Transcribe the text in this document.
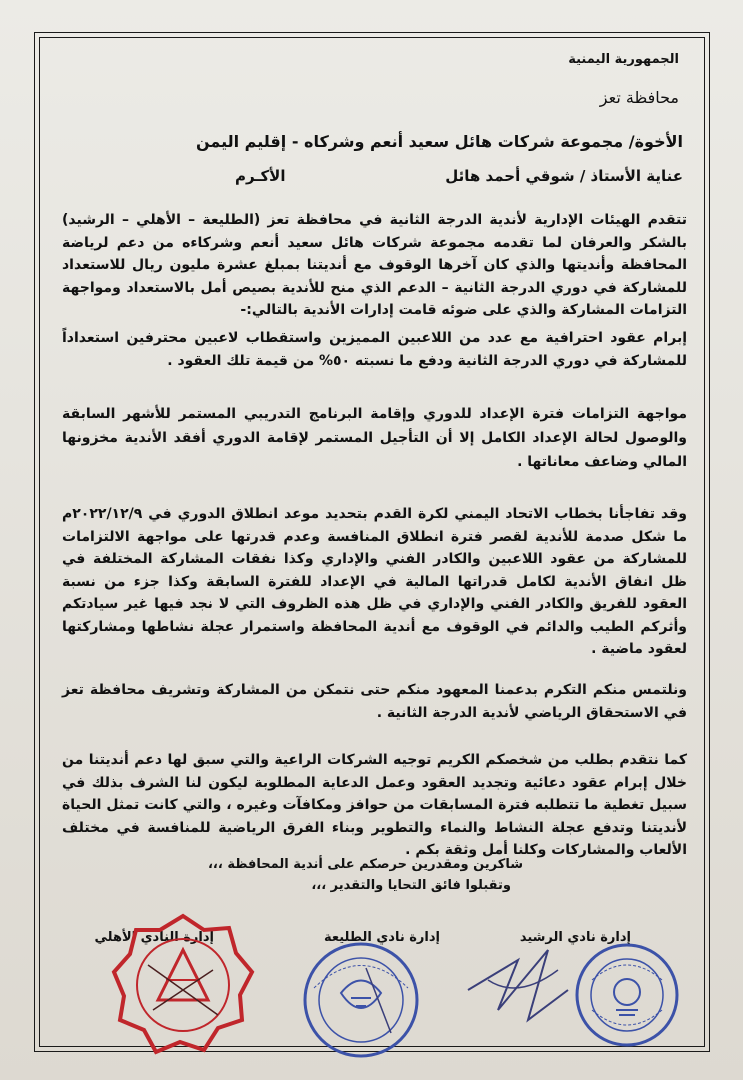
الجمهورية اليمنية
محافظة تعز
الأخوة/ مجموعة شركات هائل سعيد أنعم وشركاه - إقليم اليمن
عناية الأستاذ / شوقي أحمد هائل
الأكـرم
تتقدم الهيئات الإدارية لأندية الدرجة الثانية في محافظة تعز (الطليعة – الأهلي – الرشيد) بالشكر والعرفان لما تقدمه مجموعة شركات هائل سعيد أنعم وشركاءه من دعم لرياضة المحافظة وأنديتها والذي كان آخرها الوقوف مع أنديتنا بمبلغ عشرة مليون ريال للاستعداد للمشاركة في دوري الدرجة الثانية – الدعم الذي منح للأندية بصيص أمل بالاستعداد ومواجهة التزامات المشاركة والذي على ضوئه قامت إدارات الأندية بالتالي:-
إبرام عقود احترافية مع عدد من اللاعبين المميزين واستقطاب لاعبين محترفين استعداداً للمشاركة في دوري الدرجة الثانية ودفع ما نسبته ٥٠% من قيمة تلك العقود .
مواجهة التزامات فترة الإعداد للدوري وإقامة البرنامج التدريبي المستمر للأشهر السابقة والوصول لحالة الإعداد الكامل إلا أن التأجيل المستمر لإقامة الدوري أفقد الأندية مخزونها المالي وضاعف معاناتها .
وقد تفاجأنا بخطاب الاتحاد اليمني لكرة القدم بتحديد موعد انطلاق الدوري في ٢٠٢٢/١٢/٩م ما شكل صدمة للأندية لقصر فترة انطلاق المنافسة وعدم قدرتها على مواجهة الالتزامات للمشاركة من عقود اللاعبين والكادر الفني والإداري وكذا نفقات المشاركة المختلفة في ظل انفاق الأندية لكامل قدراتها المالية في الإعداد للفترة السابقة وكذا جزء من نسبة العقود للفريق والكادر الفني والإداري في ظل هذه الظروف التي لا نجد فيها غير سيادتكم وأثركم الطيب والدائم في الوقوف مع أندية المحافظة واستمرار عجلة نشاطها ومشاركتها لعقود ماضية .
ونلتمس منكم التكرم بدعمنا المعهود منكم حتى نتمكن من المشاركة وتشريف محافظة تعز في الاستحقاق الرياضي لأندية الدرجة الثانية .
كما نتقدم بطلب من شخصكم الكريم توجيه الشركات الراعية والتي سبق لها دعم أنديتنا من خلال إبرام عقود دعائية وتجديد العقود وعمل الدعاية المطلوبة ليكون لنا الشرف بذلك في سبيل تغطية ما تتطلبه فترة المسابقات من حوافز ومكافآت وغيره ، والتي كانت تمثل الحياة لأنديتنا وتدفع عجلة النشاط والنماء والتطوير وبناء الفرق الرياضية للمنافسة في مختلف الألعاب والمشاركات وكلنا أمل وثقة بكم .
شاكرين ومقدرين حرصكم على أندية المحافظة ،،،
وتقبلوا فائق التحايا والتقدير ،،،
إدارة نادي الرشيد
إدارة نادي الطليعة
إدارة النادي الأهلي
